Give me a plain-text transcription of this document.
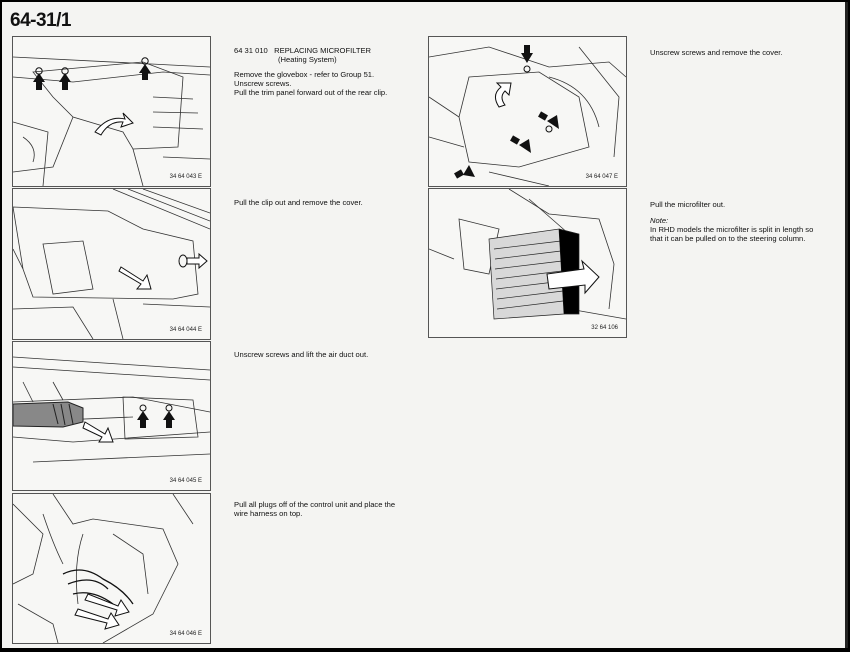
64-31/1
34 64 043 E
34 64 044 E
34 64 045 E
34 64 046 E
34 64 047 E
32 64 106

64 31 010 REPLACING MICROFILTER
(Heating System)

Remove the glovebox - refer to Group 51.

Unscrew screws.

Pull the trim panel forward out of the rear clip.

Pull the clip out and remove the cover.

Unscrew screws and lift the air duct out.

Pull all plugs off of the control unit and place the wire harness on top.

Unscrew screws and remove the cover.

Pull the microfilter out.

Note:

In RHD models the microfilter is split in length so that it can be pulled on to the steering column.
